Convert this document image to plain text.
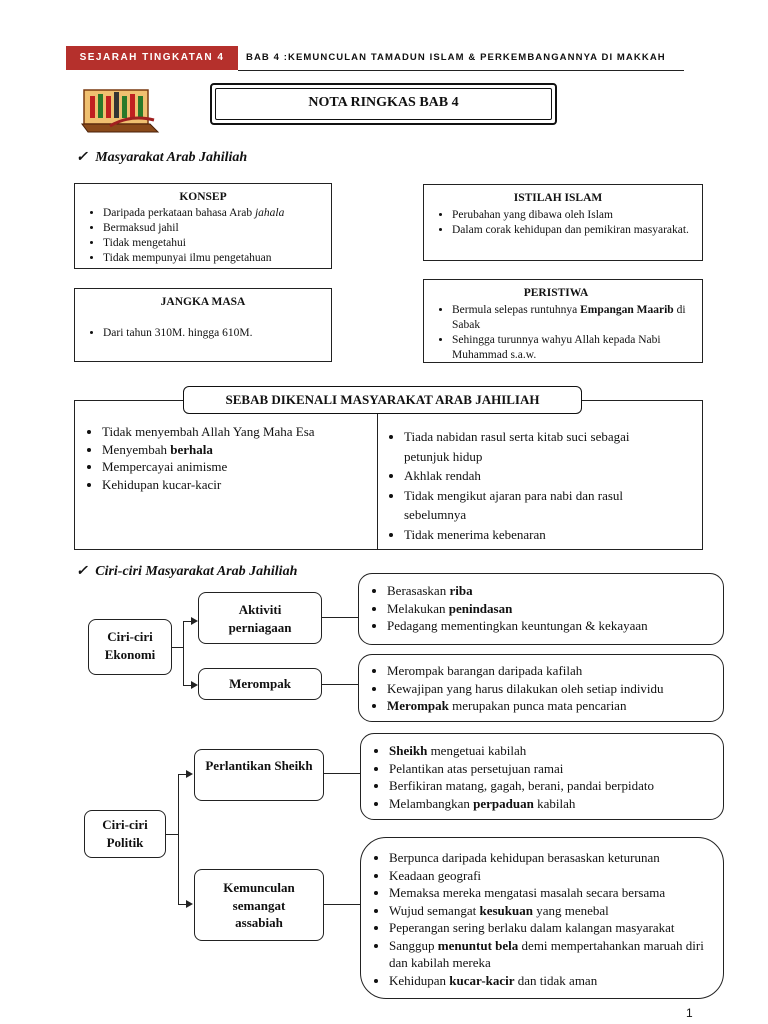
SEJARAH TINGKATAN 4	BAB 4 :KEMUNCULAN TAMADUN ISLAM & PERKEMBANGANNYA DI MAKKAH
NOTA RINGKAS BAB 4
✓ Masyarakat Arab Jahiliah
KONSEP
• Daripada perkataan bahasa Arab jahala
• Bermaksud jahil
• Tidak mengetahui
• Tidak mempunyai ilmu pengetahuan
ISTILAH ISLAM
• Perubahan yang dibawa oleh Islam
• Dalam corak kehidupan dan pemikiran masyarakat.
JANGKA MASA
• Dari tahun 310M. hingga 610M.
PERISTIWA
• Bermula selepas runtuhnya Empangan Maarib di Sabak
• Sehingga turunnya wahyu Allah kepada Nabi Muhammad s.a.w.
SEBAB DIKENALI MASYARAKAT ARAB JAHILIAH
• Tidak menyembah Allah Yang Maha Esa
• Menyembah berhala
• Mempercayai animisme
• Kehidupan kucar-kacir
• Tiada nabidan rasul serta kitab suci sebagai petunjuk hidup
• Akhlak rendah
• Tidak mengikut ajaran para nabi dan rasul sebelumnya
• Tidak menerima kebenaran
✓ Ciri-ciri Masyarakat Arab Jahiliah
Ciri-ciri Ekonomi
Aktiviti perniagaan
• Berasaskan riba
• Melakukan penindasan
• Pedagang mementingkan keuntungan & kekayaan
Merompak
• Merompak barangan daripada kafilah
• Kewajipan yang harus dilakukan oleh setiap individu
• Merompak merupakan punca mata pencarian
Ciri-ciri Politik
Perlantikan Sheikh
• Sheikh mengetuai kabilah
• Pelantikan atas persetujuan ramai
• Berfikiran matang, gagah, berani, pandai berpidato
• Melambangkan perpaduan kabilah
Kemunculan semangat assabiah
• Berpunca daripada kehidupan berasaskan keturunan
• Keadaan geografi
• Memaksa mereka mengatasi masalah secara bersama
• Wujud semangat kesukuan yang menebal
• Peperangan sering berlaku dalam kalangan masyarakat
• Sanggup menuntut bela demi mempertahankan maruah diri dan kabilah mereka
• Kehidupan kucar-kacir dan tidak aman
1
